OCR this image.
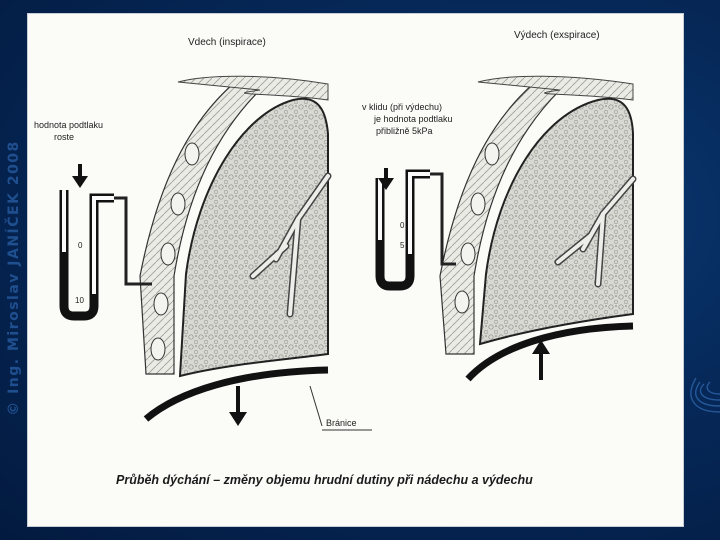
© Ing. Miroslav JANÍČEK 2008	0
10
Vdech (inspirace)
hodnota podtlaku
roste
0
5
Výdech (exspirace)
v klidu (při výdechu)
je hodnota podtlaku
přibližně 5kPa
Bránice
Průběh dýchání – změny objemu hrudní dutiny při nádechu a výdechu
